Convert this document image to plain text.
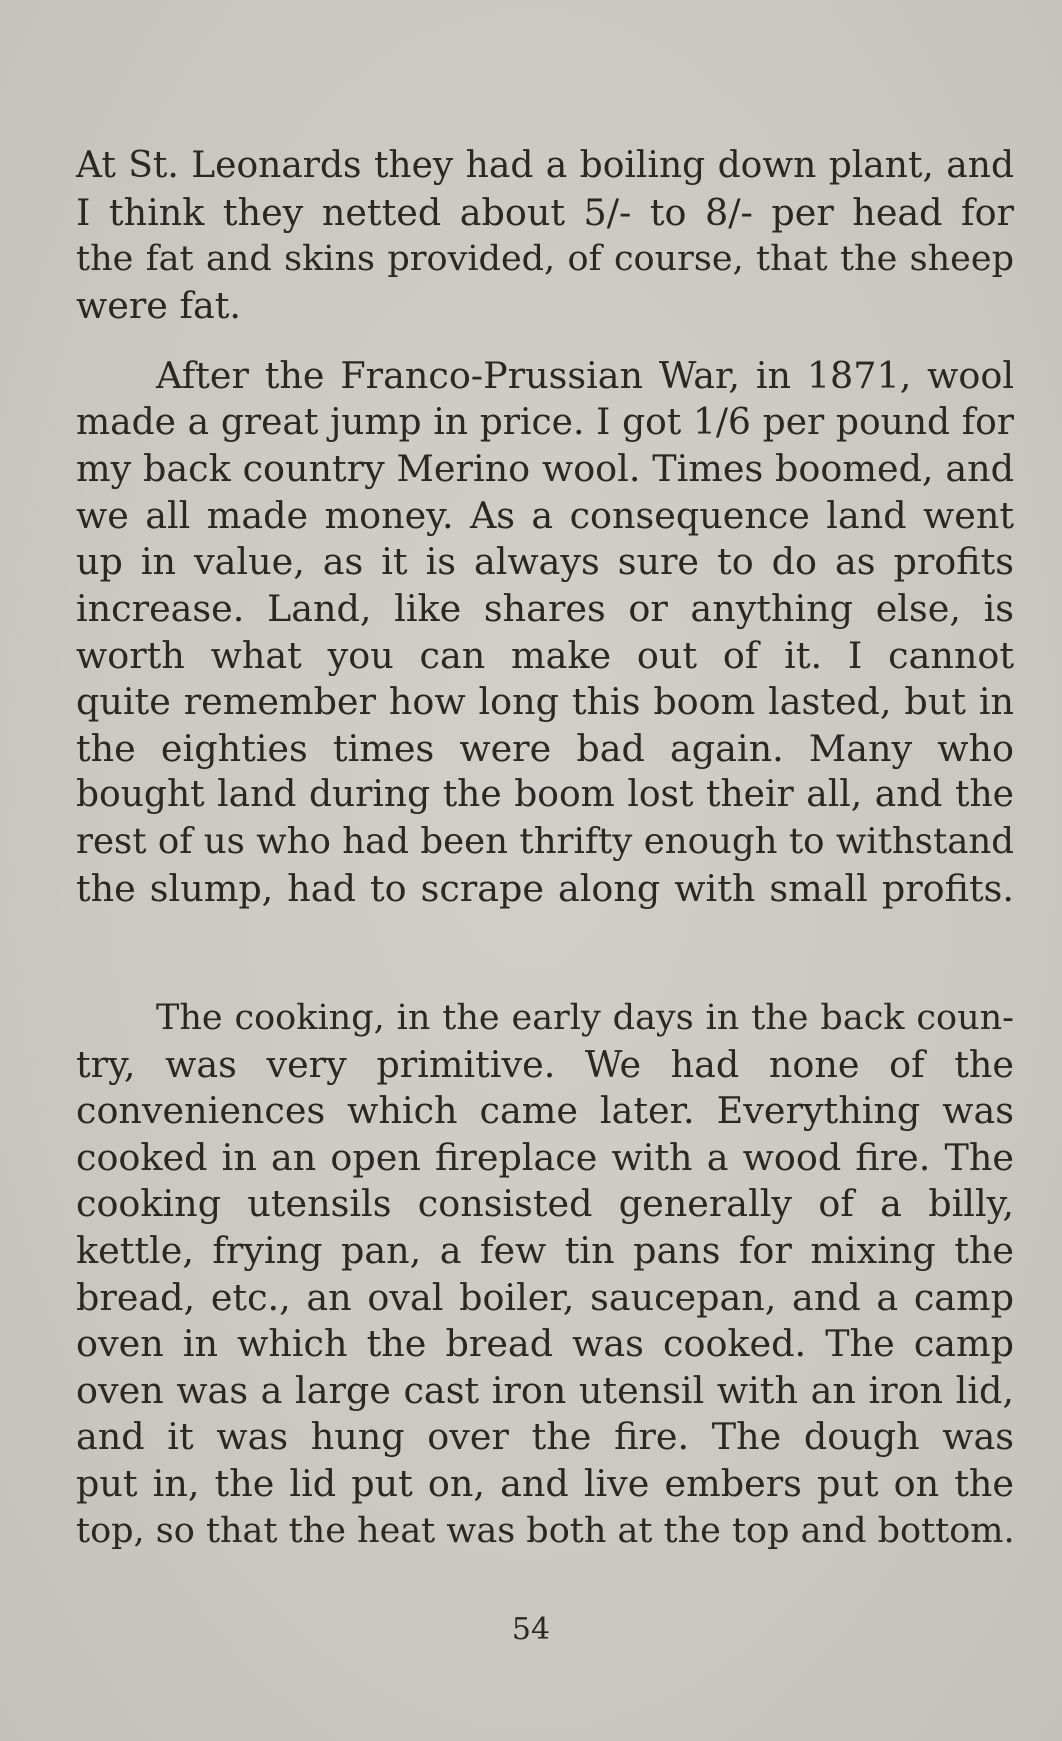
At St. Leonards they had a boiling down plant, and
I think they netted about 5/- to 8/- per head for
the fat and skins provided, of course, that the sheep
were fat.
After the Franco-Prussian War, in 1871, wool
made a great jump in price. I got 1/6 per pound for
my back country Merino wool. Times boomed, and
we all made money. As a consequence land went
up in value, as it is always sure to do as profits
increase. Land, like shares or anything else, is
worth what you can make out of it. I cannot
quite remember how long this boom lasted, but in
the eighties times were bad again. Many who
bought land during the boom lost their all, and the
rest of us who had been thrifty enough to withstand
the slump, had to scrape along with small profits.
The cooking, in the early days in the back coun-
try, was very primitive. We had none of the
conveniences which came later. Everything was
cooked in an open fireplace with a wood fire. The
cooking utensils consisted generally of a billy,
kettle, frying pan, a few tin pans for mixing the
bread, etc., an oval boiler, saucepan, and a camp
oven in which the bread was cooked. The camp
oven was a large cast iron utensil with an iron lid,
and it was hung over the fire. The dough was
put in, the lid put on, and live embers put on the
top, so that the heat was both at the top and bottom.
54
